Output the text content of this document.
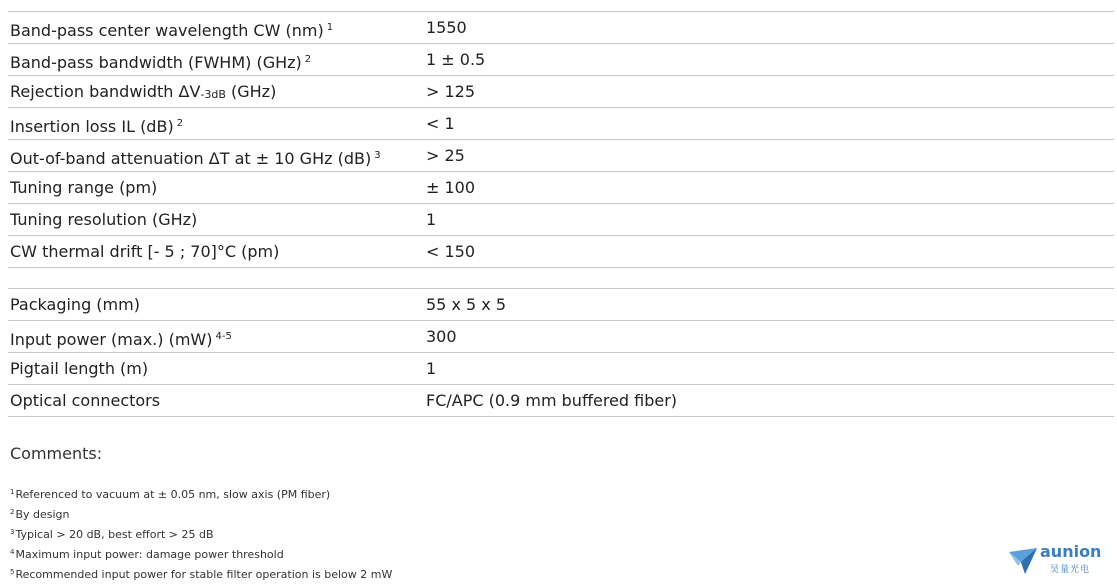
Band-pass center wavelength CW (nm) $^1$	1550
Band-pass bandwidth (FWHM) (GHz) $^2$	1 ± 0.5
Rejection bandwidth ΔV-3dB (GHz)	> 125
Insertion loss IL (dB) $^2$	< 1
Out-of-band attenuation ΔT at ± 10 GHz (dB) $^3$	> 25
Tuning range (pm)	± 100
Tuning resolution (GHz)	1
CW thermal drift [- 5 ; 70]°C (pm)	< 150
Packaging (mm)	55 x 5 x 5
Input power (max.) (mW) $^{4-5}$	300
Pigtail length (m)	1
Optical connectors	FC/APC (0.9 mm buffered fiber)
Comments:
$^1$Referenced to vacuum at ± 0.05 nm, slow axis (PM fiber)
$^2$By design
$^3$Typical > 20 dB, best effort > 25 dB
$^4$Maximum input power: damage power threshold
$^5$Recommended input power for stable filter operation is below 2 mW
aunion
昊量光电
